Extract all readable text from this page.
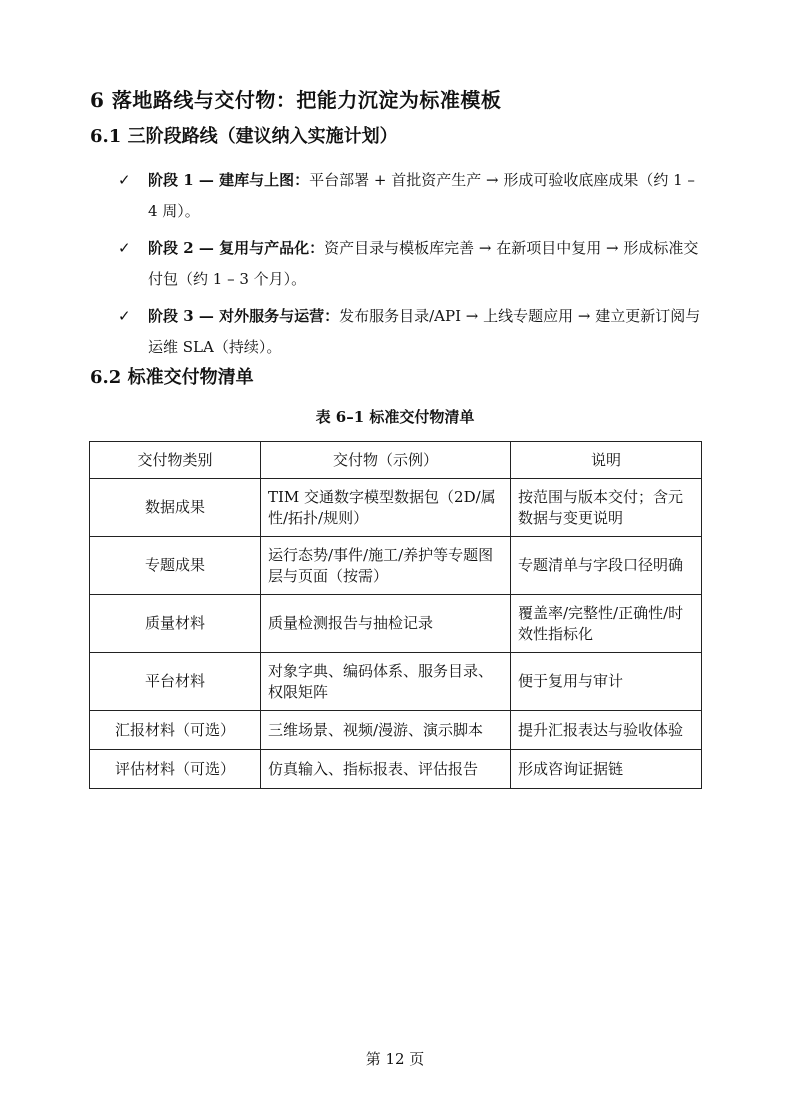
6 落地路线与交付物：把能力沉淀为标准模板
6.1 三阶段路线（建议纳入实施计划）
✓ 阶段 1 — 建库与上图：平台部署 + 首批资产生产 → 形成可验收底座成果（约 1 – 4 周）。
✓ 阶段 2 — 复用与产品化：资产目录与模板库完善 → 在新项目中复用 → 形成标准交付包（约 1 – 3 个月）。
✓ 阶段 3 — 对外服务与运营：发布服务目录/API → 上线专题应用 → 建立更新订阅与运维 SLA（持续）。
6.2 标准交付物清单
表 6–1 标准交付物清单
交付物类别	交付物（示例）	说明
数据成果	TIM 交通数字模型数据包（2D/属性/拓扑/规则）	按范围与版本交付；含元数据与变更说明
专题成果	运行态势/事件/施工/养护等专题图层与页面（按需）	专题清单与字段口径明确
质量材料	质量检测报告与抽检记录	覆盖率/完整性/正确性/时效性指标化
平台材料	对象字典、编码体系、服务目录、权限矩阵	便于复用与审计
汇报材料（可选）	三维场景、视频/漫游、演示脚本	提升汇报表达与验收体验
评估材料（可选）	仿真输入、指标报表、评估报告	形成咨询证据链
第 12 页
